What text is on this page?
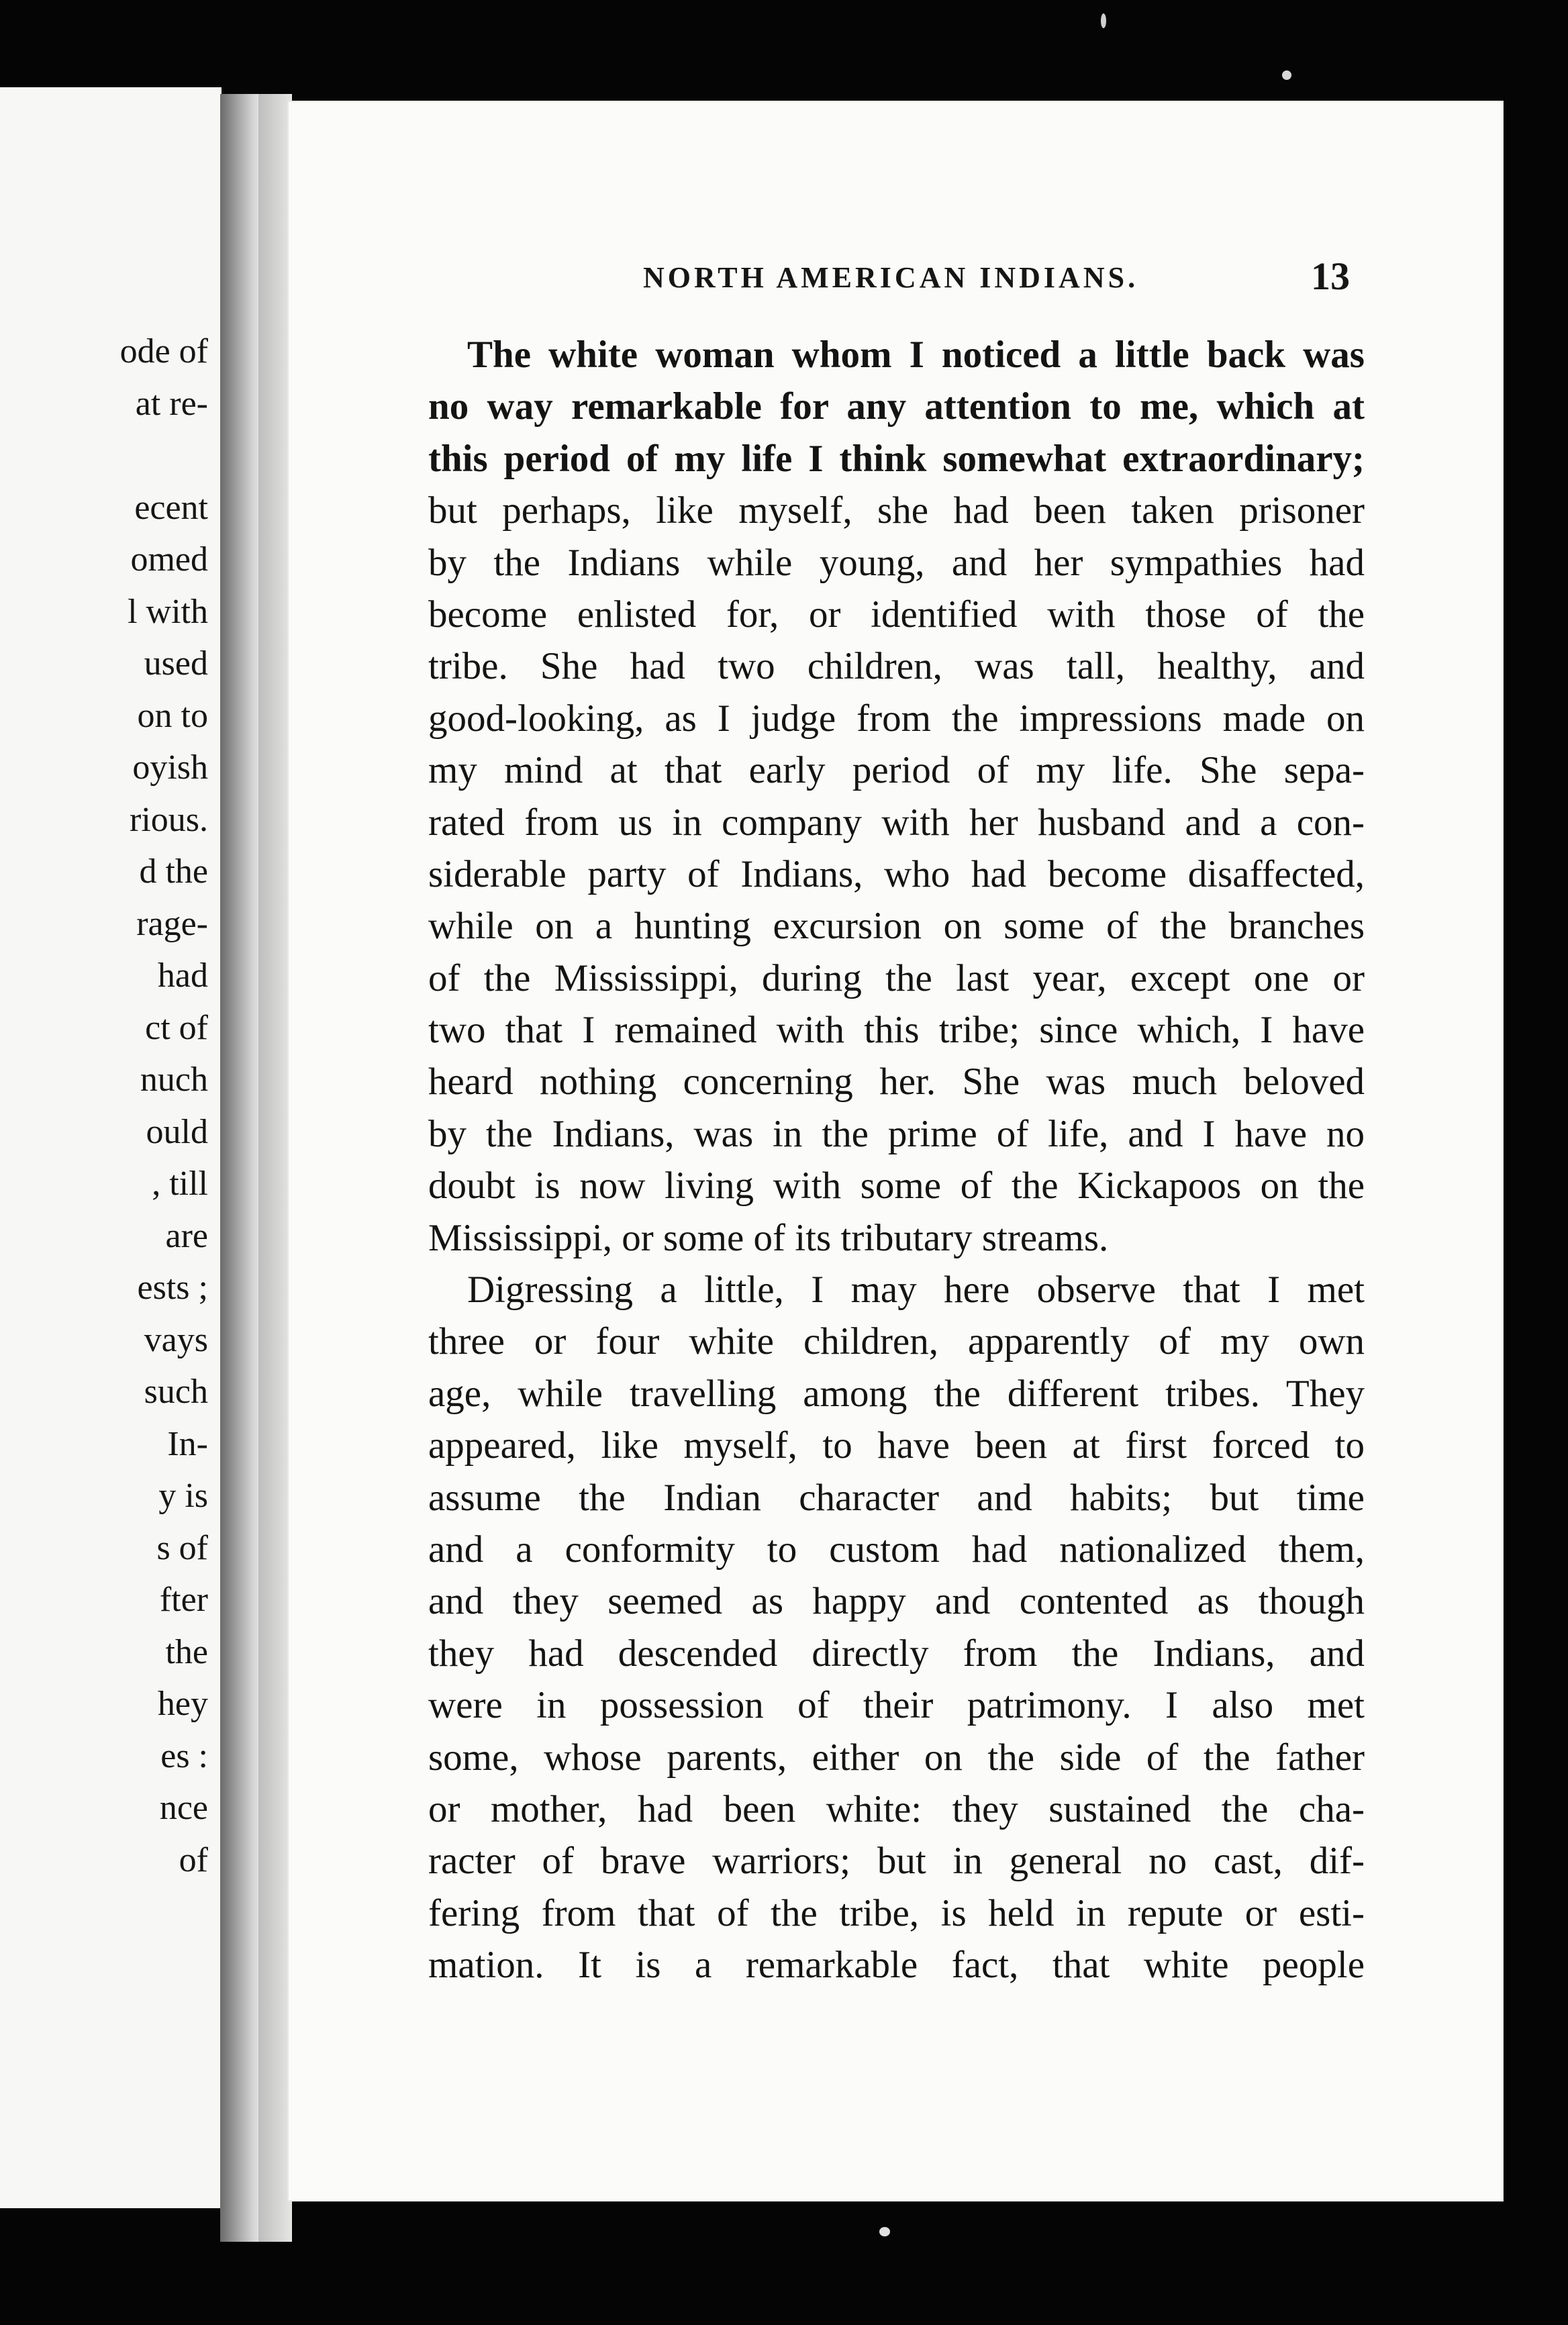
ode of
at re-

ecent
omed
l with
used
on to
oyish
rious.
d the
rage-
had
ct of
nuch
ould
, till
are
ests ;
vays
such
In-
y is
s of
fter
the
hey
es :
nce
of
NORTH AMERICAN INDIANS.	13
The white woman whom I noticed a little back was
no way remarkable for any attention to me, which at
this period of my life I think somewhat extraordinary;
but perhaps, like myself, she had been taken prisoner
by the Indians while young, and her sympathies had
become enlisted for, or identified with those of the
tribe. She had two children, was tall, healthy, and
good-looking, as I judge from the impressions made on
my mind at that early period of my life. She sepa-
rated from us in company with her husband and a con-
siderable party of Indians, who had become disaffected,
while on a hunting excursion on some of the branches
of the Mississippi, during the last year, except one or
two that I remained with this tribe; since which, I have
heard nothing concerning her. She was much beloved
by the Indians, was in the prime of life, and I have no
doubt is now living with some of the Kickapoos on the
Mississippi, or some of its tributary streams.
Digressing a little, I may here observe that I met
three or four white children, apparently of my own
age, while travelling among the different tribes. They
appeared, like myself, to have been at first forced to
assume the Indian character and habits; but time
and a conformity to custom had nationalized them,
and they seemed as happy and contented as though
they had descended directly from the Indians, and
were in possession of their patrimony. I also met
some, whose parents, either on the side of the father
or mother, had been white: they sustained the cha-
racter of brave warriors; but in general no cast, dif-
fering from that of the tribe, is held in repute or esti-
mation. It is a remarkable fact, that white people
